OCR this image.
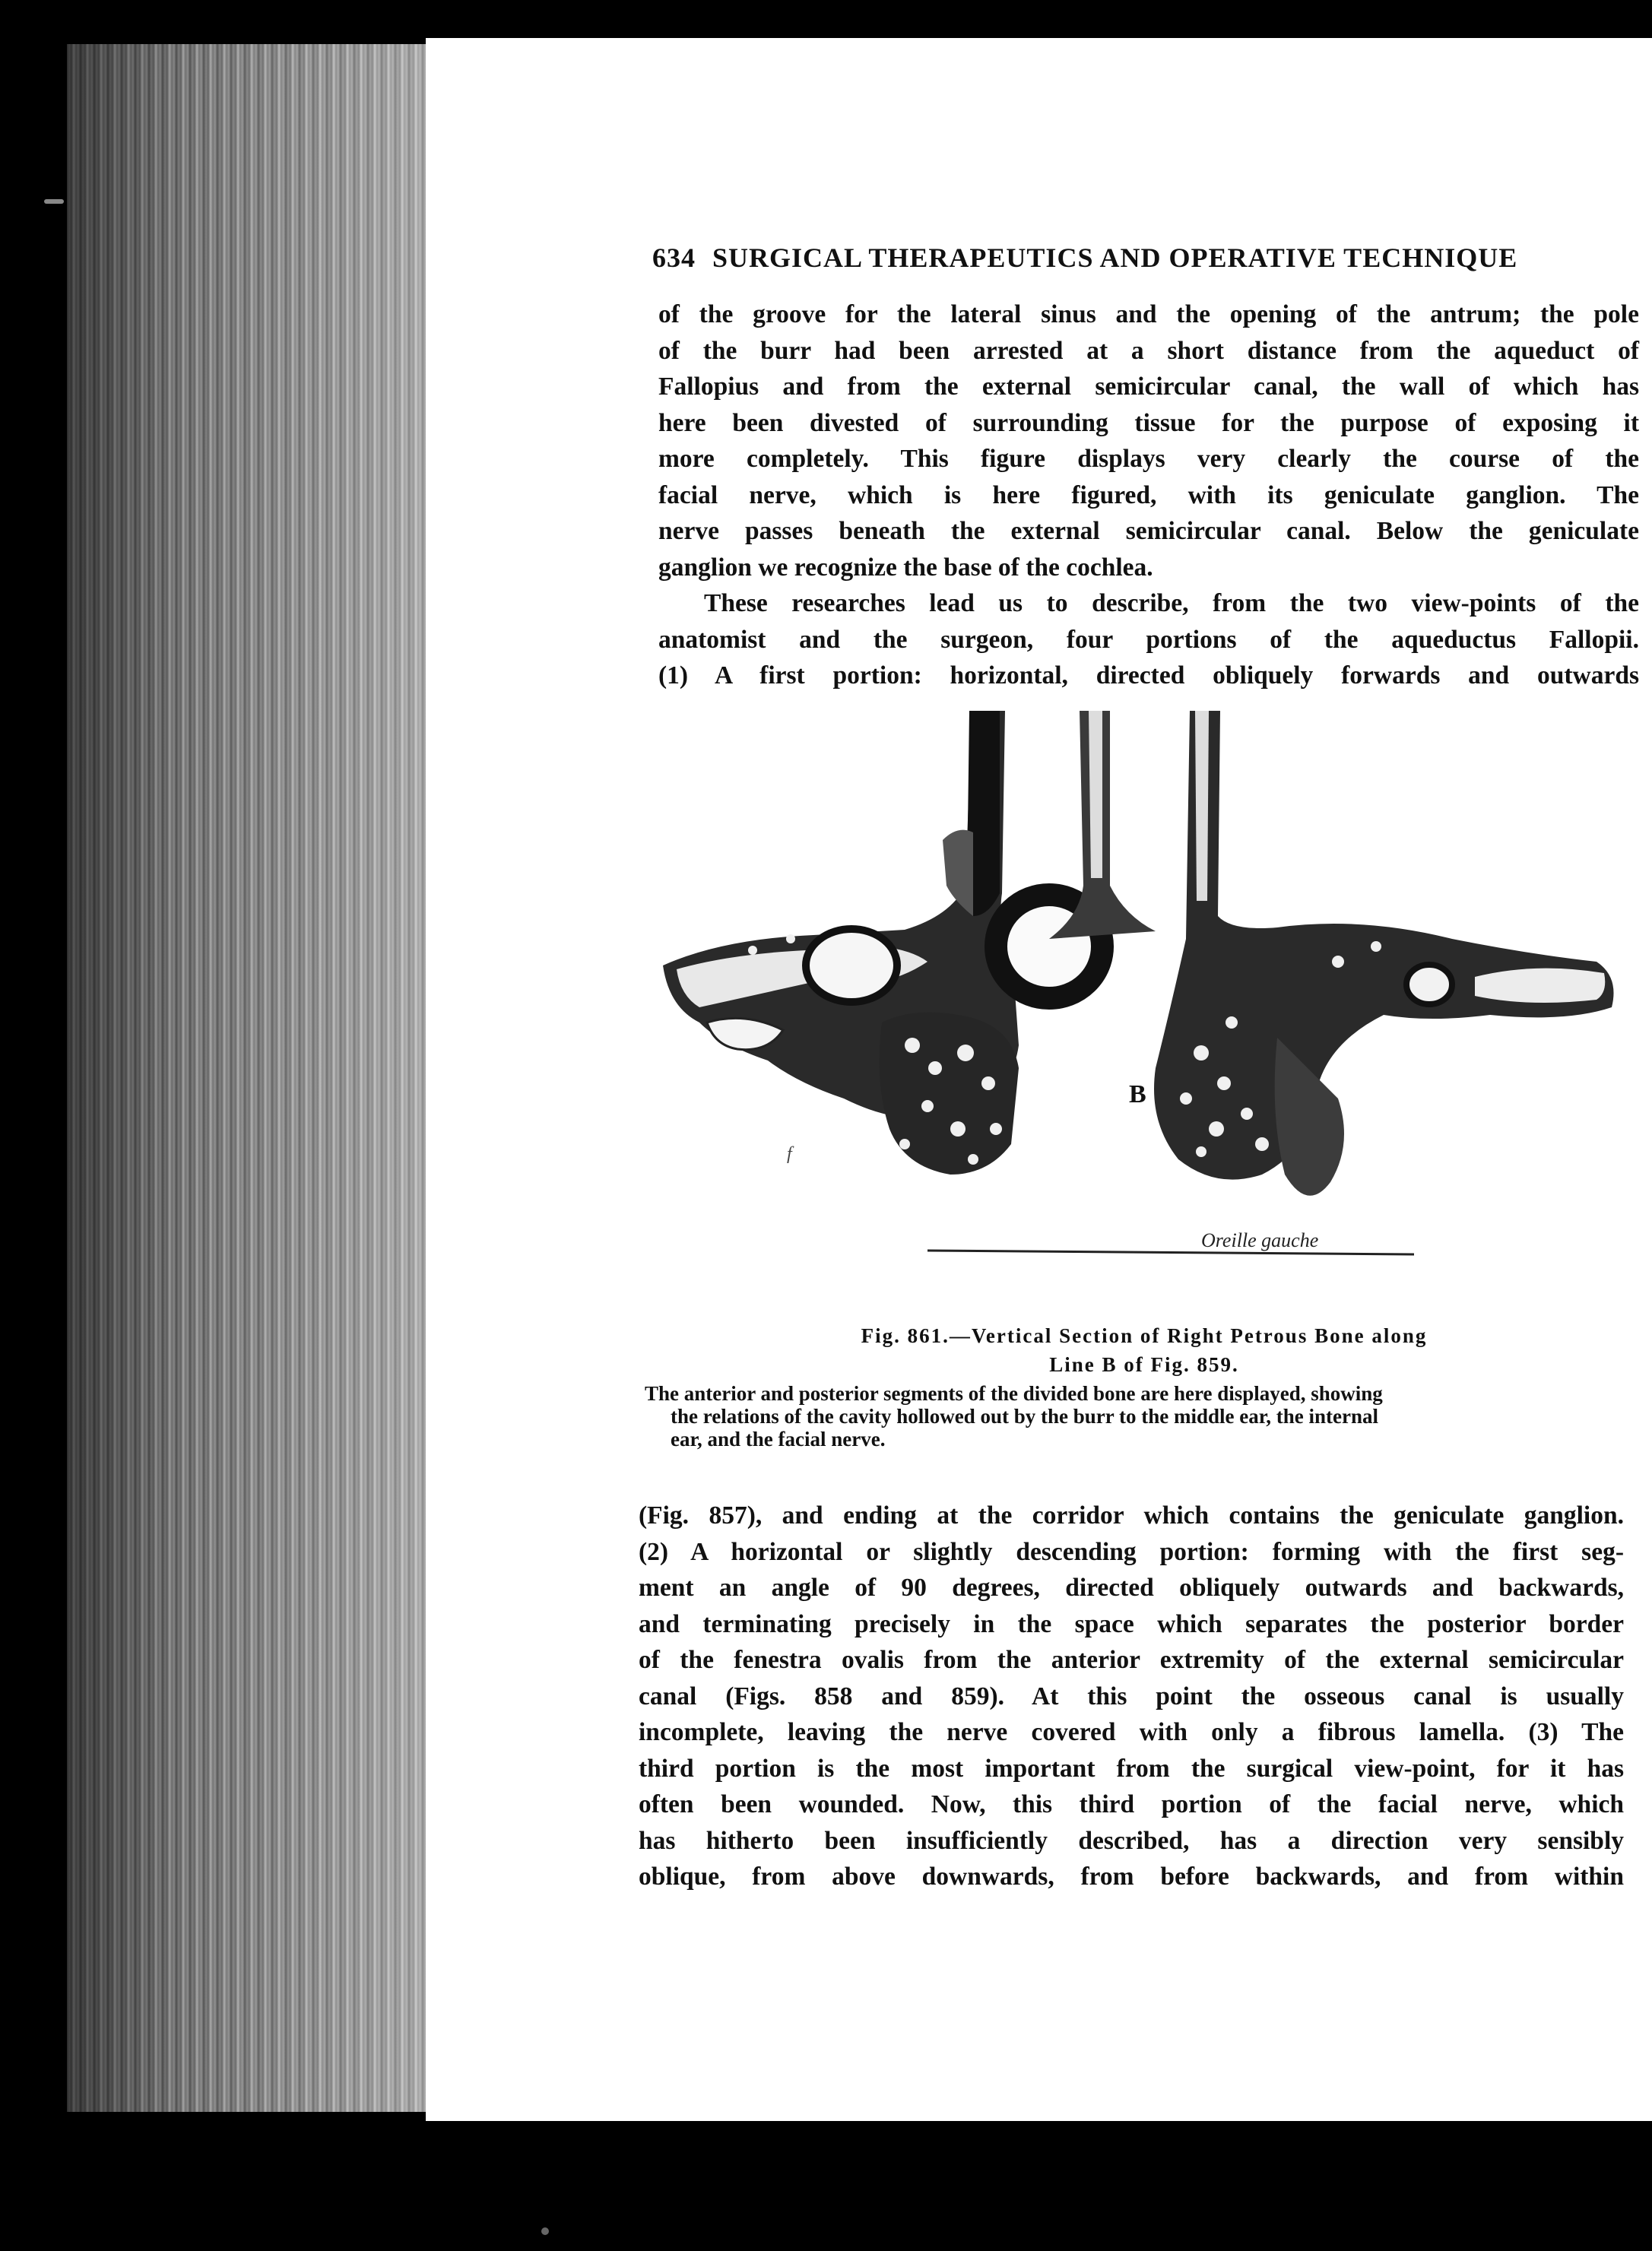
634 SURGICAL THERAPEUTICS AND OPERATIVE TECHNIQUE
of the groove for the lateral sinus and the opening of the antrum; the pole
of the burr had been arrested at a short distance from the aqueduct of
Fallopius and from the external semicircular canal, the wall of which has
here been divested of surrounding tissue for the purpose of exposing it
more completely. This figure displays very clearly the course of the
facial nerve, which is here figured, with its geniculate ganglion. The
nerve passes beneath the external semicircular canal. Below the geniculate
ganglion we recognize the base of the cochlea.
These researches lead us to describe, from the two view-points of the
anatomist and the surgeon, four portions of the aqueductus Fallopii.
(1) A first portion: horizontal, directed obliquely forwards and outwards
B
Oreille gauche
f
Fig. 861.—Vertical Section of Right Petrous Bone along
Line B of Fig. 859.
The anterior and posterior segments of the divided bone are here displayed, showing
the relations of the cavity hollowed out by the burr to the middle ear, the internal
ear, and the facial nerve.
(Fig. 857), and ending at the corridor which contains the geniculate ganglion.
(2) A horizontal or slightly descending portion: forming with the first seg-
ment an angle of 90 degrees, directed obliquely outwards and backwards,
and terminating precisely in the space which separates the posterior border
of the fenestra ovalis from the anterior extremity of the external semicircular
canal (Figs. 858 and 859). At this point the osseous canal is usually
incomplete, leaving the nerve covered with only a fibrous lamella. (3) The
third portion is the most important from the surgical view-point, for it has
often been wounded. Now, this third portion of the facial nerve, which
has hitherto been insufficiently described, has a direction very sensibly
oblique, from above downwards, from before backwards, and from within
